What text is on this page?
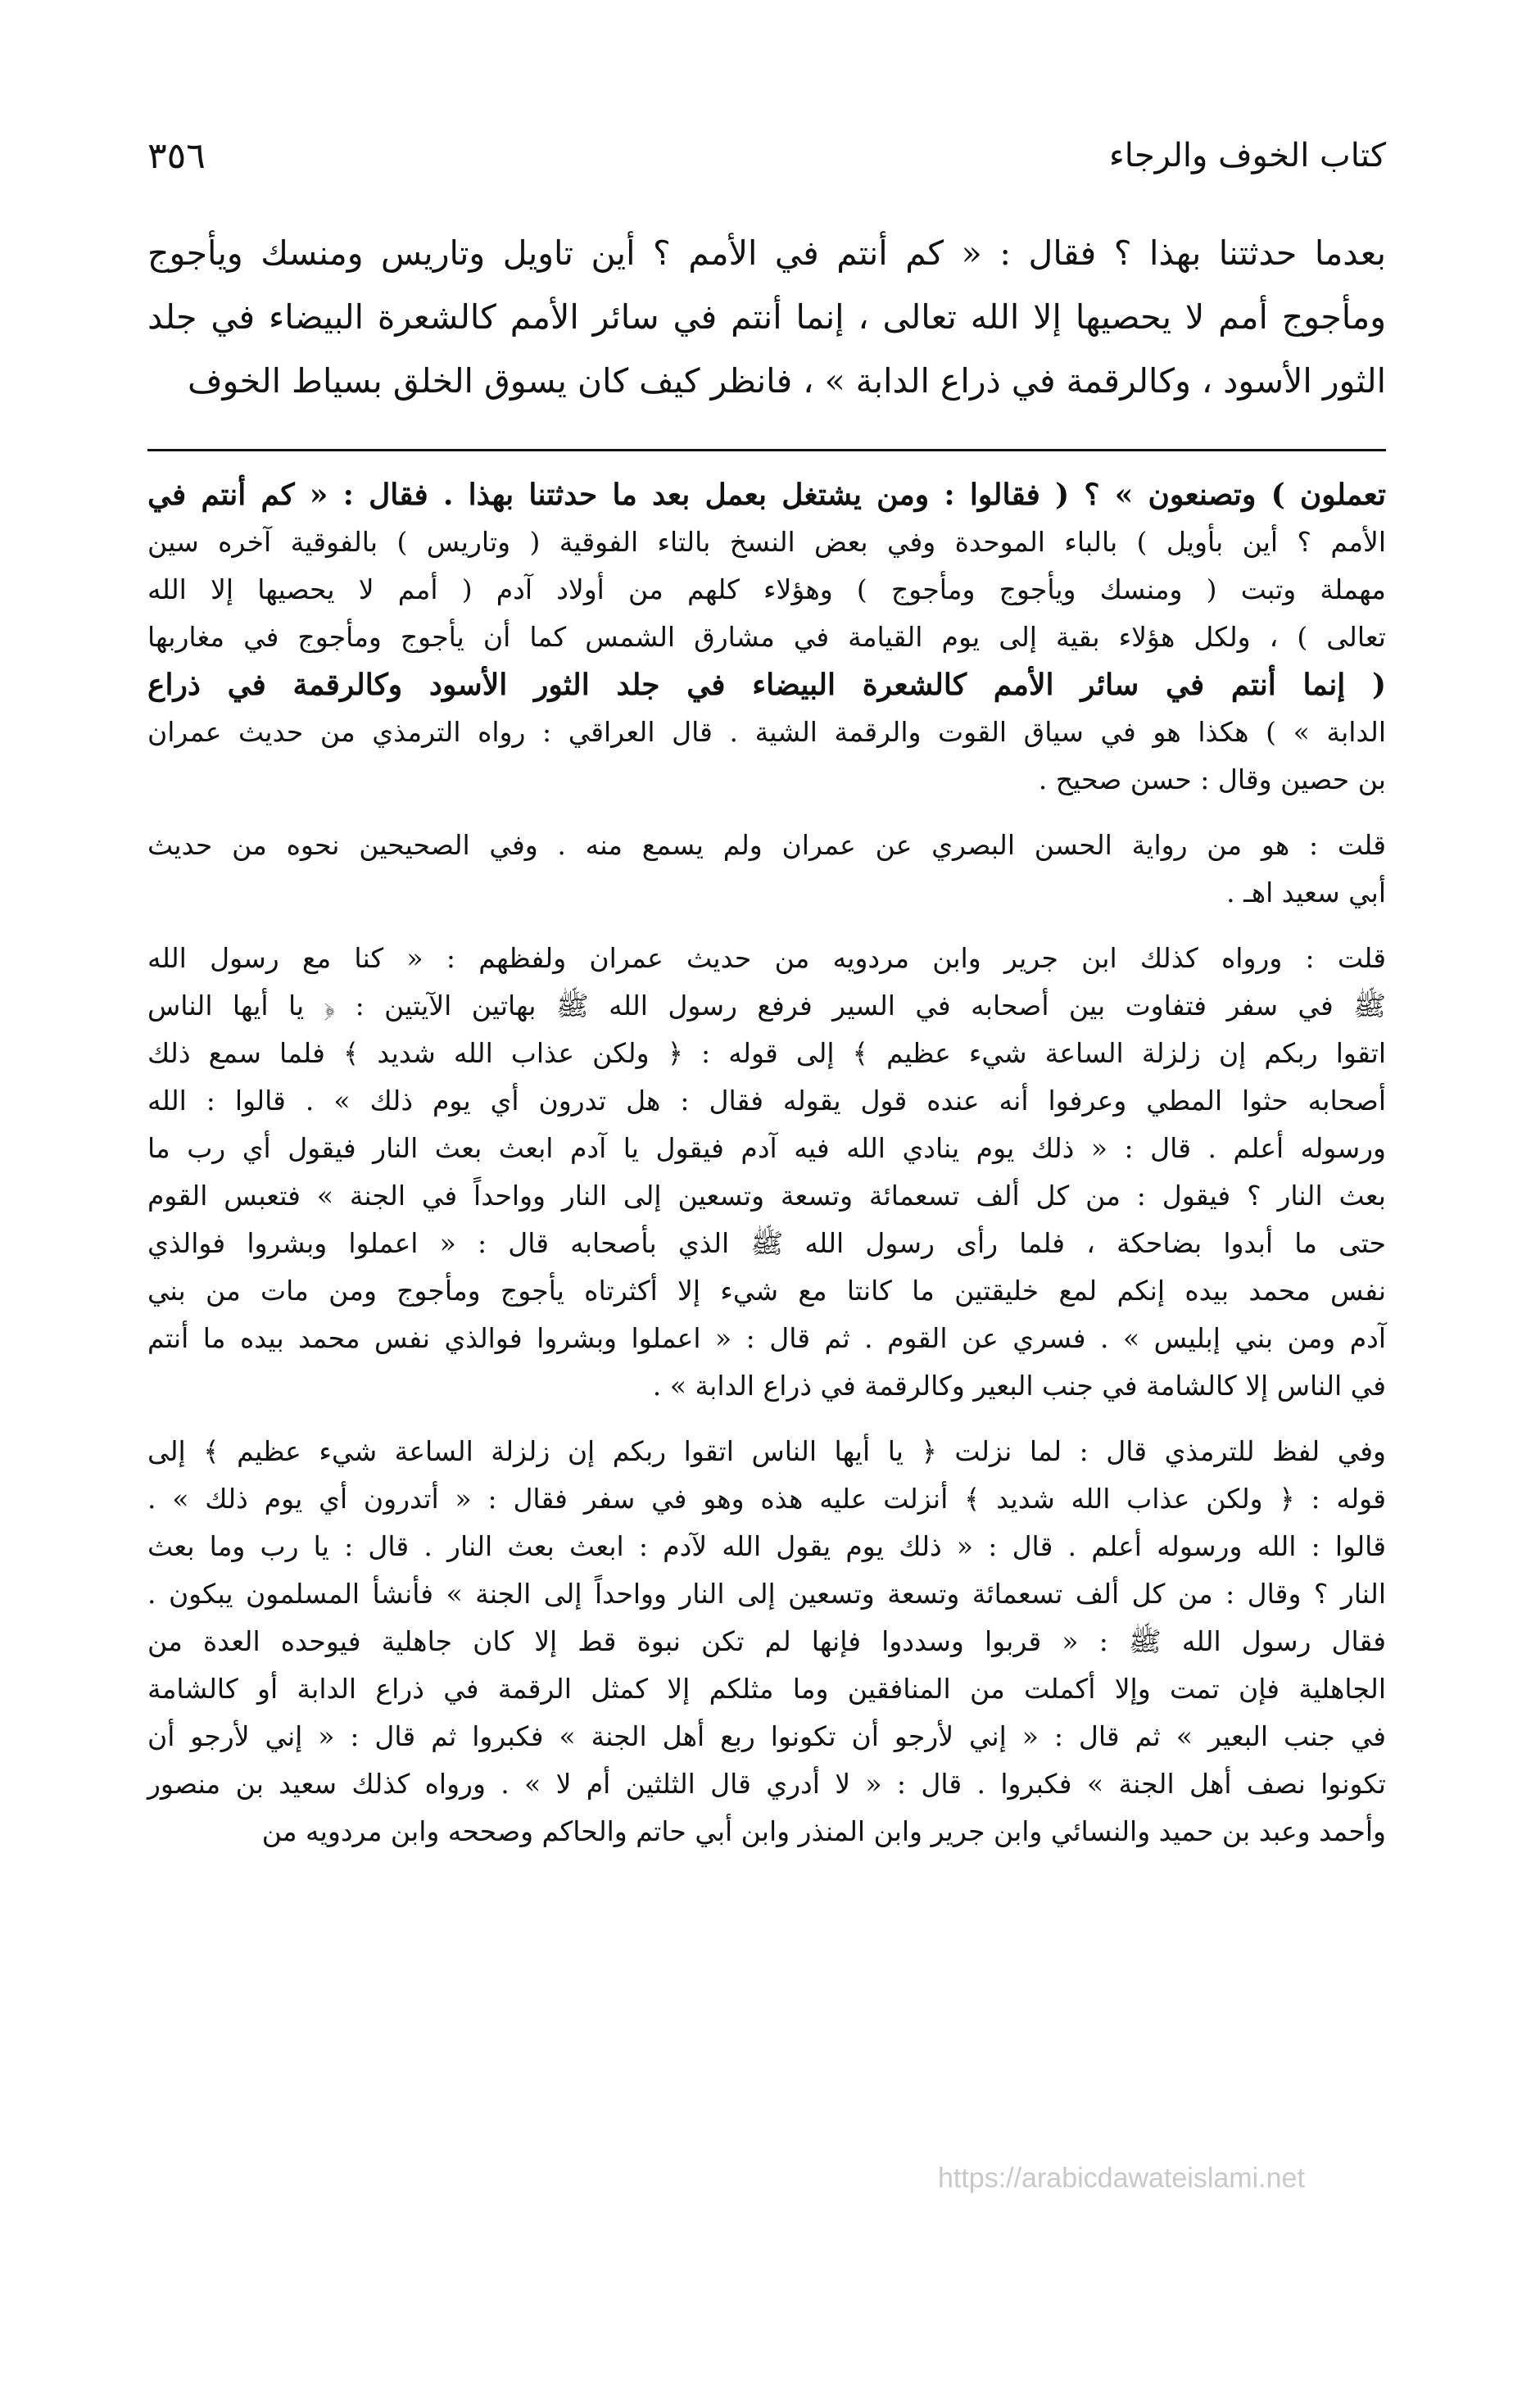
كتاب الخوف والرجاء
٣٥٦
بعدما حدثتنا بهذا ؟ فقال : « كم أنتم في الأمم ؟ أين تاويل وتاريس ومنسك ويأجوج
ومأجوج أمم لا يحصيها إلا الله تعالى ، إنما أنتم في سائر الأمم كالشعرة البيضاء في جلد
الثور الأسود ، وكالرقمة في ذراع الدابة » ، فانظر كيف كان يسوق الخلق بسياط الخوف
تعملون ) وتصنعون » ؟ ( فقالوا : ومن يشتغل بعمل بعد ما حدثتنا بهذا . فقال : « كم أنتم في
الأمم ؟ أين بأويل ) بالباء الموحدة وفي بعض النسخ بالتاء الفوقية ( وتاريس ) بالفوقية آخره سين
مهملة وتبت ( ومنسك ويأجوج ومأجوج ) وهؤلاء كلهم من أولاد آدم ( أمم لا يحصيها إلا الله
تعالى ) ، ولكل هؤلاء بقية إلى يوم القيامة في مشارق الشمس كما أن يأجوج ومأجوج في مغاربها
( إنما أنتم في سائر الأمم كالشعرة البيضاء في جلد الثور الأسود وكالرقمة في ذراع
الدابة » ) هكذا هو في سياق القوت والرقمة الشية . قال العراقي : رواه الترمذي من حديث عمران
بن حصين وقال : حسن صحيح .
قلت : هو من رواية الحسن البصري عن عمران ولم يسمع منه . وفي الصحيحين نحوه من حديث
أبي سعيد اهـ .
قلت : ورواه كذلك ابن جرير وابن مردويه من حديث عمران ولفظهم : « كنا مع رسول الله
ﷺ في سفر فتفاوت بين أصحابه في السير فرفع رسول الله ﷺ بهاتين الآيتين : ﴿ يا أيها الناس
اتقوا ربكم إن زلزلة الساعة شيء عظيم ﴾ إلى قوله : ﴿ ولكن عذاب الله شديد ﴾ فلما سمع ذلك
أصحابه حثوا المطي وعرفوا أنه عنده قول يقوله فقال : هل تدرون أي يوم ذلك » . قالوا : الله
ورسوله أعلم . قال : « ذلك يوم ينادي الله فيه آدم فيقول يا آدم ابعث بعث النار فيقول أي رب ما
بعث النار ؟ فيقول : من كل ألف تسعمائة وتسعة وتسعين إلى النار وواحداً في الجنة » فتعبس القوم
حتى ما أبدوا بضاحكة ، فلما رأى رسول الله ﷺ الذي بأصحابه قال : « اعملوا وبشروا فوالذي
نفس محمد بيده إنكم لمع خليقتين ما كانتا مع شيء إلا أكثرتاه يأجوج ومأجوج ومن مات من بني
آدم ومن بني إبليس » . فسري عن القوم . ثم قال : « اعملوا وبشروا فوالذي نفس محمد بيده ما أنتم
في الناس إلا كالشامة في جنب البعير وكالرقمة في ذراع الدابة » .
وفي لفظ للترمذي قال : لما نزلت ﴿ يا أيها الناس اتقوا ربكم إن زلزلة الساعة شيء عظيم ﴾ إلى
قوله : ﴿ ولكن عذاب الله شديد ﴾ أنزلت عليه هذه وهو في سفر فقال : « أتدرون أي يوم ذلك » .
قالوا : الله ورسوله أعلم . قال : « ذلك يوم يقول الله لآدم : ابعث بعث النار . قال : يا رب وما بعث
النار ؟ وقال : من كل ألف تسعمائة وتسعة وتسعين إلى النار وواحداً إلى الجنة » فأنشأ المسلمون يبكون .
فقال رسول الله ﷺ : « قربوا وسددوا فإنها لم تكن نبوة قط إلا كان جاهلية فيوحده العدة من
الجاهلية فإن تمت وإلا أكملت من المنافقين وما مثلكم إلا كمثل الرقمة في ذراع الدابة أو كالشامة
في جنب البعير » ثم قال : « إني لأرجو أن تكونوا ربع أهل الجنة » فكبروا ثم قال : « إني لأرجو أن
تكونوا نصف أهل الجنة » فكبروا . قال : « لا أدري قال الثلثين أم لا » . ورواه كذلك سعيد بن منصور
وأحمد وعبد بن حميد والنسائي وابن جرير وابن المنذر وابن أبي حاتم والحاكم وصححه وابن مردويه من
https://arabicdawateislami.net
